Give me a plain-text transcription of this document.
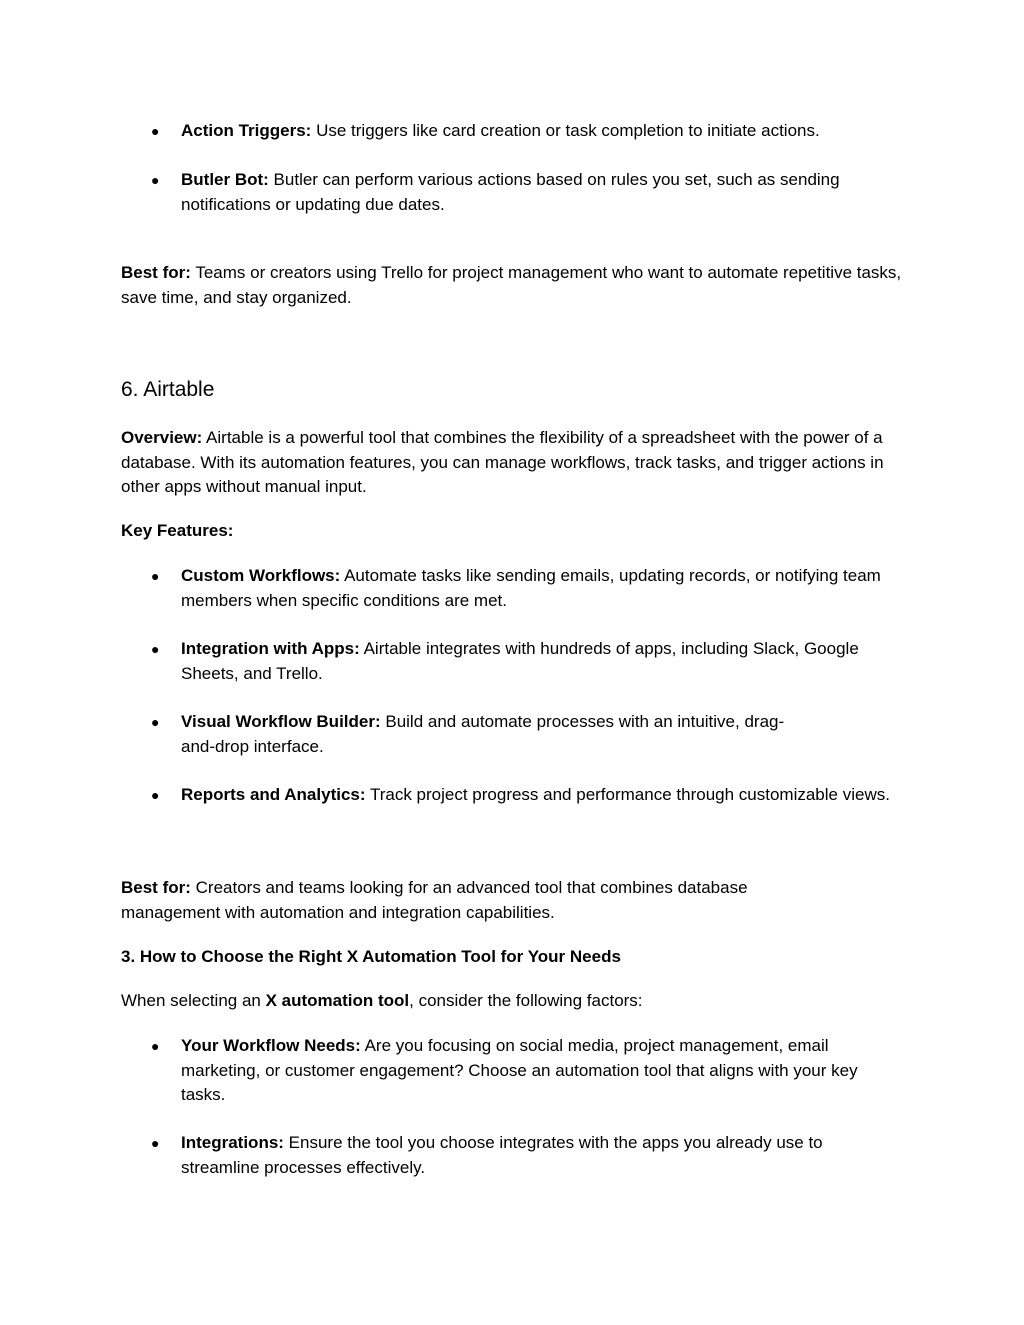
● Action Triggers: Use triggers like card creation or task completion to initiate actions.

● Butler Bot: Butler can perform various actions based on rules you set, such as sending notifications or updating due dates.

Best for: Teams or creators using Trello for project management who want to automate repetitive tasks, save time, and stay organized.

6. Airtable

Overview: Airtable is a powerful tool that combines the flexibility of a spreadsheet with the power of a database. With its automation features, you can manage workflows, track tasks, and trigger actions in other apps without manual input.

Key Features:

● Custom Workflows: Automate tasks like sending emails, updating records, or notifying team members when specific conditions are met.

● Integration with Apps: Airtable integrates with hundreds of apps, including Slack, Google Sheets, and Trello.

● Visual Workflow Builder: Build and automate processes with an intuitive, drag-and-drop interface.

● Reports and Analytics: Track project progress and performance through customizable views.

Best for: Creators and teams looking for an advanced tool that combines database management with automation and integration capabilities.

3. How to Choose the Right X Automation Tool for Your Needs

When selecting an X automation tool, consider the following factors:

● Your Workflow Needs: Are you focusing on social media, project management, email marketing, or customer engagement? Choose an automation tool that aligns with your key tasks.

● Integrations: Ensure the tool you choose integrates with the apps you already use to streamline processes effectively.
